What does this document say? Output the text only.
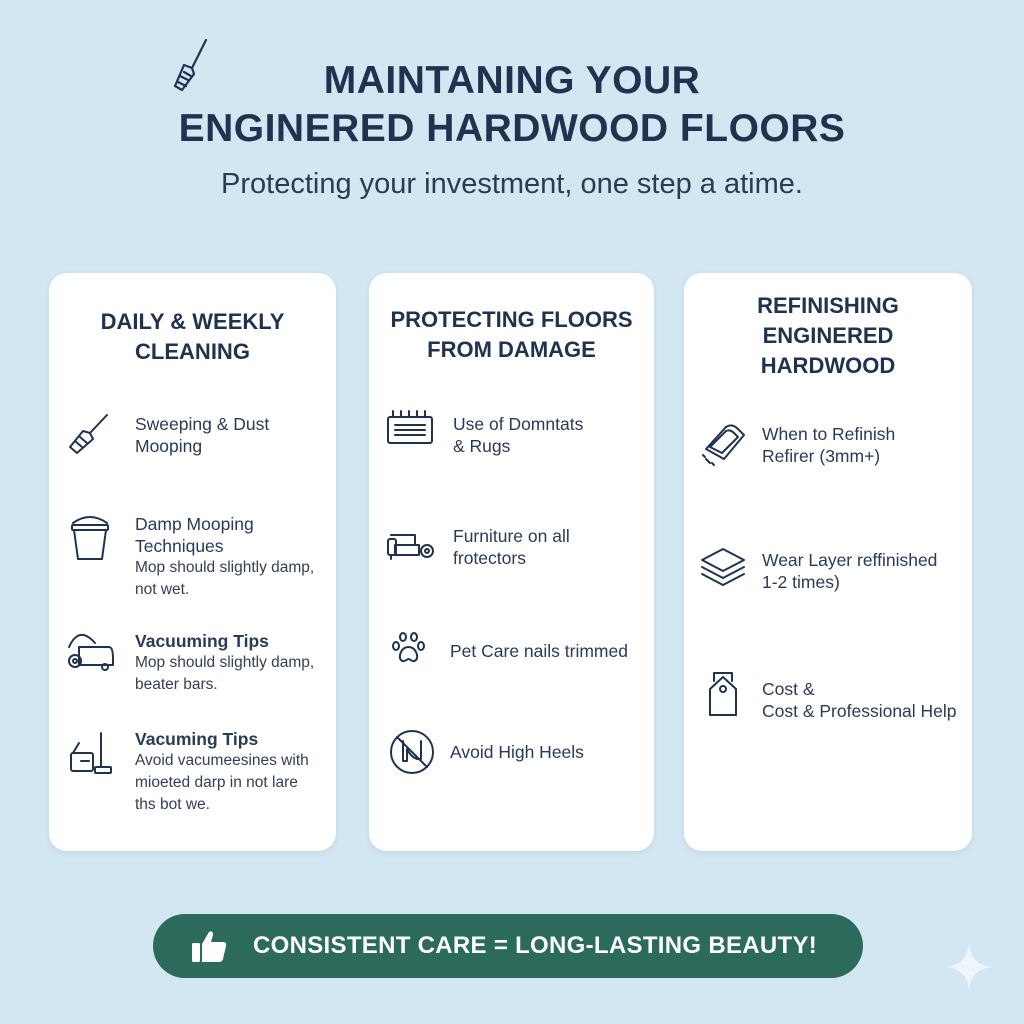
MAINTANING YOUR
ENGINERED HARDWOOD FLOORS

Protecting your investment, one step a atime.

DAILY & WEEKLY
CLEANING
Sweeping & Dust
Mooping
Damp Mooping
Techniques
Mop should slightly damp,
not wet.
Vacuuming Tips
Mop should slightly damp,
beater bars.
Vacuming Tips
Avoid vacumeesines with
mioeted darp in not lare
ths bot we.
PROTECTING FLOORS
FROM DAMAGE
Use of Domntats
& Rugs
Furniture on all
frotectors
Pet Care nails trimmed
Avoid High Heels
REFINISHING
ENGINERED
HARDWOOD
When to Refinish
Refirer (3mm+)
Wear Layer reffinished
1-2 times)
Cost &
Cost & Professional Help
CONSISTENT CARE = LONG-LASTING BEAUTY!
